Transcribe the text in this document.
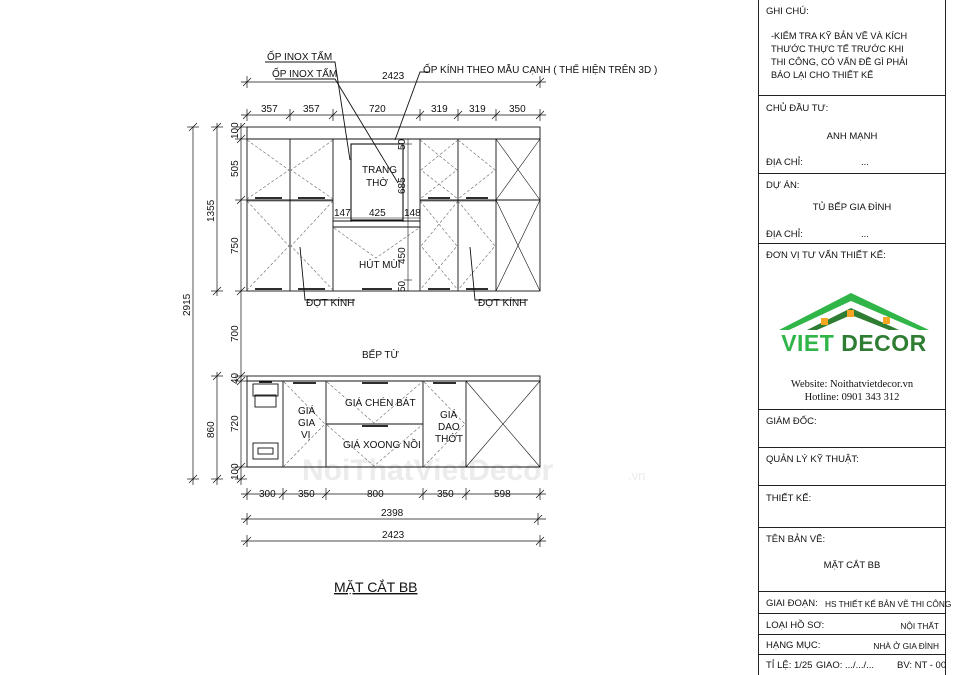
NoiThatVietDecor	.vn
2423
357	357	720	319 319 350
2915
1355
100
505
750
700
40
720
100
860
147 425 148
50
685
450
50
ỐP INOX TẤM
ỐP INOX TẤM	ỐP KÍNH THEO MẪU CẠNH ( THỂ HIỆN TRÊN 3D )
TRANG
THỜ
HÚT MÙI
ĐỢT KÍNH	ĐỢT KÍNH
BẾP TỪ
GIÁ
GIA
VỊ
GIÁ CHÉN BÁT
GIÁ XOONG NỒI
GIÁ
DAO
THỚT
300 350	800	350	598
2398
2423
MẶT CẮT BB
GHI CHÚ:
-KIỂM TRA KỸ BẢN VẼ VÀ KÍCH
THƯỚC THỰC TẾ TRƯỚC KHI
THI CÔNG, CÓ VẤN ĐỀ GÌ PHẢI
BÁO LẠI CHO THIẾT KẾ
CHỦ ĐẦU TƯ:
ANH MẠNH
ĐỊA CHỈ:	...
DỰ ÁN:
TỦ BẾP GIA ĐÌNH
ĐỊA CHỈ:	...
ĐƠN VỊ TƯ VẤN THIẾT KẾ:
VIET DECOR
Website: Noithatvietdecor.vn
Hotline: 0901 343 312
GIÁM ĐỐC:
QUẢN LÝ KỸ THUẬT:
THIẾT KẾ:
TÊN BẢN VẼ:
MẶT CẮT BB
GIAI ĐOẠN: HS THIẾT KẾ BẢN VẼ THI CÔNG
LOẠI HỒ SƠ:	NỘI THẤT
HẠNG MỤC:	NHÀ Ở GIA ĐÌNH
TỈ LỆ: 1/25 GIAO: .../.../... BV: NT - 00
